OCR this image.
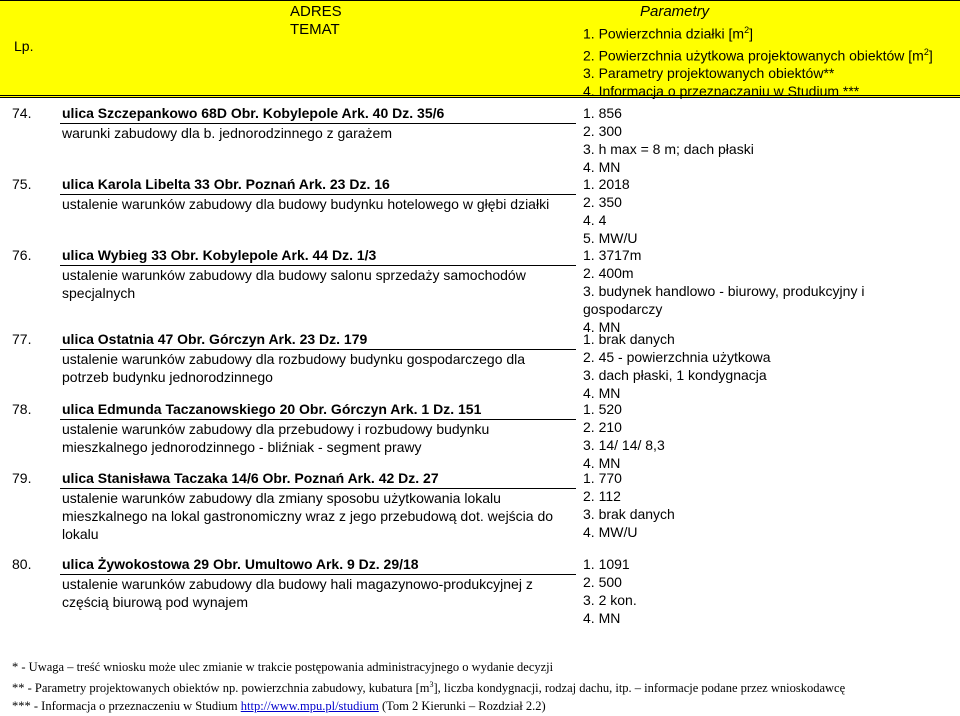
Lp.
ADRES
TEMAT
Parametry
1. Powierzchnia działki $[m^2]$
2. Powierzchnia użytkowa projektowanych obiektów $[m^2]$
3. Parametry projektowanych obiektów**
4. Informacja o przeznaczaniu w Studium ***
74. ulica Szczepankowo 68D Obr. Kobylepole Ark. 40 Dz. 35/6
warunki zabudowy dla b. jednorodzinnego z garażem
1. 856
2. 300
3. h max = 8 m; dach płaski
4. MN
75. ulica Karola Libelta 33 Obr. Poznań Ark. 23 Dz. 16
ustalenie warunków zabudowy dla budowy budynku hotelowego w głębi działki
1. 2018
2. 350
4. 4
5. MW/U
76. ulica Wybieg 33 Obr. Kobylepole Ark. 44 Dz. 1/3
ustalenie warunków zabudowy dla budowy salonu sprzedaży samochodów specjalnych
1. 3717m
2. 400m
3. budynek handlowo - biurowy, produkcyjny i gospodarczy
4. MN
77. ulica Ostatnia 47 Obr. Górczyn Ark. 23 Dz. 179
ustalenie warunków zabudowy dla rozbudowy budynku gospodarczego dla potrzeb budynku jednorodzinnego
1. brak danych
2. 45 - powierzchnia użytkowa
3. dach płaski, 1 kondygnacja
4. MN
78. ulica Edmunda Taczanowskiego 20 Obr. Górczyn Ark. 1 Dz. 151
ustalenie warunków zabudowy dla przebudowy i rozbudowy budynku mieszkalnego jednorodzinnego - bliźniak - segment prawy
1. 520
2. 210
3. 14/ 14/ 8,3
4. MN
79. ulica Stanisława Taczaka 14/6 Obr. Poznań Ark. 42 Dz. 27
ustalenie warunków zabudowy dla zmiany sposobu użytkowania lokalu mieszkalnego na lokal gastronomiczny wraz z jego przebudową dot. wejścia do lokalu
1. 770
2. 112
3. brak danych
4. MW/U
80. ulica Żywokostowa 29 Obr. Umultowo Ark. 9 Dz. 29/18
ustalenie warunków zabudowy dla budowy hali magazynowo-produkcyjnej z częścią biurową pod wynajem
1. 1091
2. 500
3. 2 kon.
4. MN
* - Uwaga – treść wniosku może ulec zmianie w trakcie postępowania administracyjnego o wydanie decyzji
** - Parametry projektowanych obiektów np. powierzchnia zabudowy, kubatura $[m^3]$, liczba kondygnacji, rodzaj dachu, itp. – informacje podane przez wnioskodawcę
*** - Informacja o przeznaczeniu w Studium http://www.mpu.pl/studium (Tom 2 Kierunki – Rozdział 2.2)
